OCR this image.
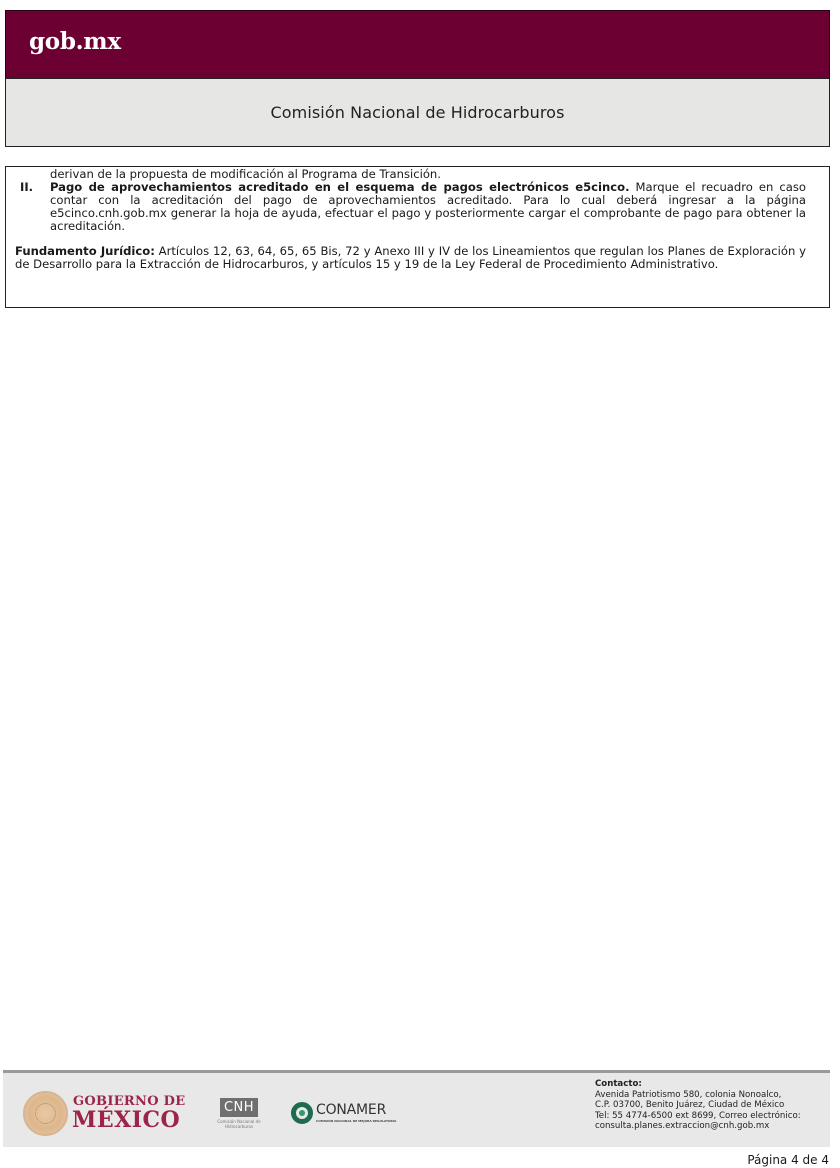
gob.mx
Comisión Nacional de Hidrocarburos
derivan de la propuesta de modificación al Programa de Transición.
II.	Pago de aprovechamientos acreditado en el esquema de pagos electrónicos e5cinco. Marque el recuadro en caso contar con la acreditación del pago de aprovechamientos acreditado. Para lo cual deberá ingresar a la página e5cinco.cnh.gob.mx generar la hoja de ayuda, efectuar el pago y posteriormente cargar el comprobante de pago para obtener la acreditación.
Fundamento Jurídico: Artículos 12, 63, 64, 65, 65 Bis, 72 y Anexo III y IV de los Lineamientos que regulan los Planes de Exploración y de Desarrollo para la Extracción de Hidrocarburos, y artículos 15 y 19 de la Ley Federal de Procedimiento Administrativo.
GOBIERNO DE
MÉXICO	CNH
Comisión Nacional de Hidrocarburos
CONAMER
COMISIÓN NACIONAL DE MEJORA REGULATORIA
Contacto:
Avenida Patriotismo 580, colonia Nonoalco,
C.P. 03700, Benito Juárez, Ciudad de México
Tel: 55 4774-6500 ext 8699, Correo electrónico:
consulta.planes.extraccion@cnh.gob.mx
Página 4 de 4
